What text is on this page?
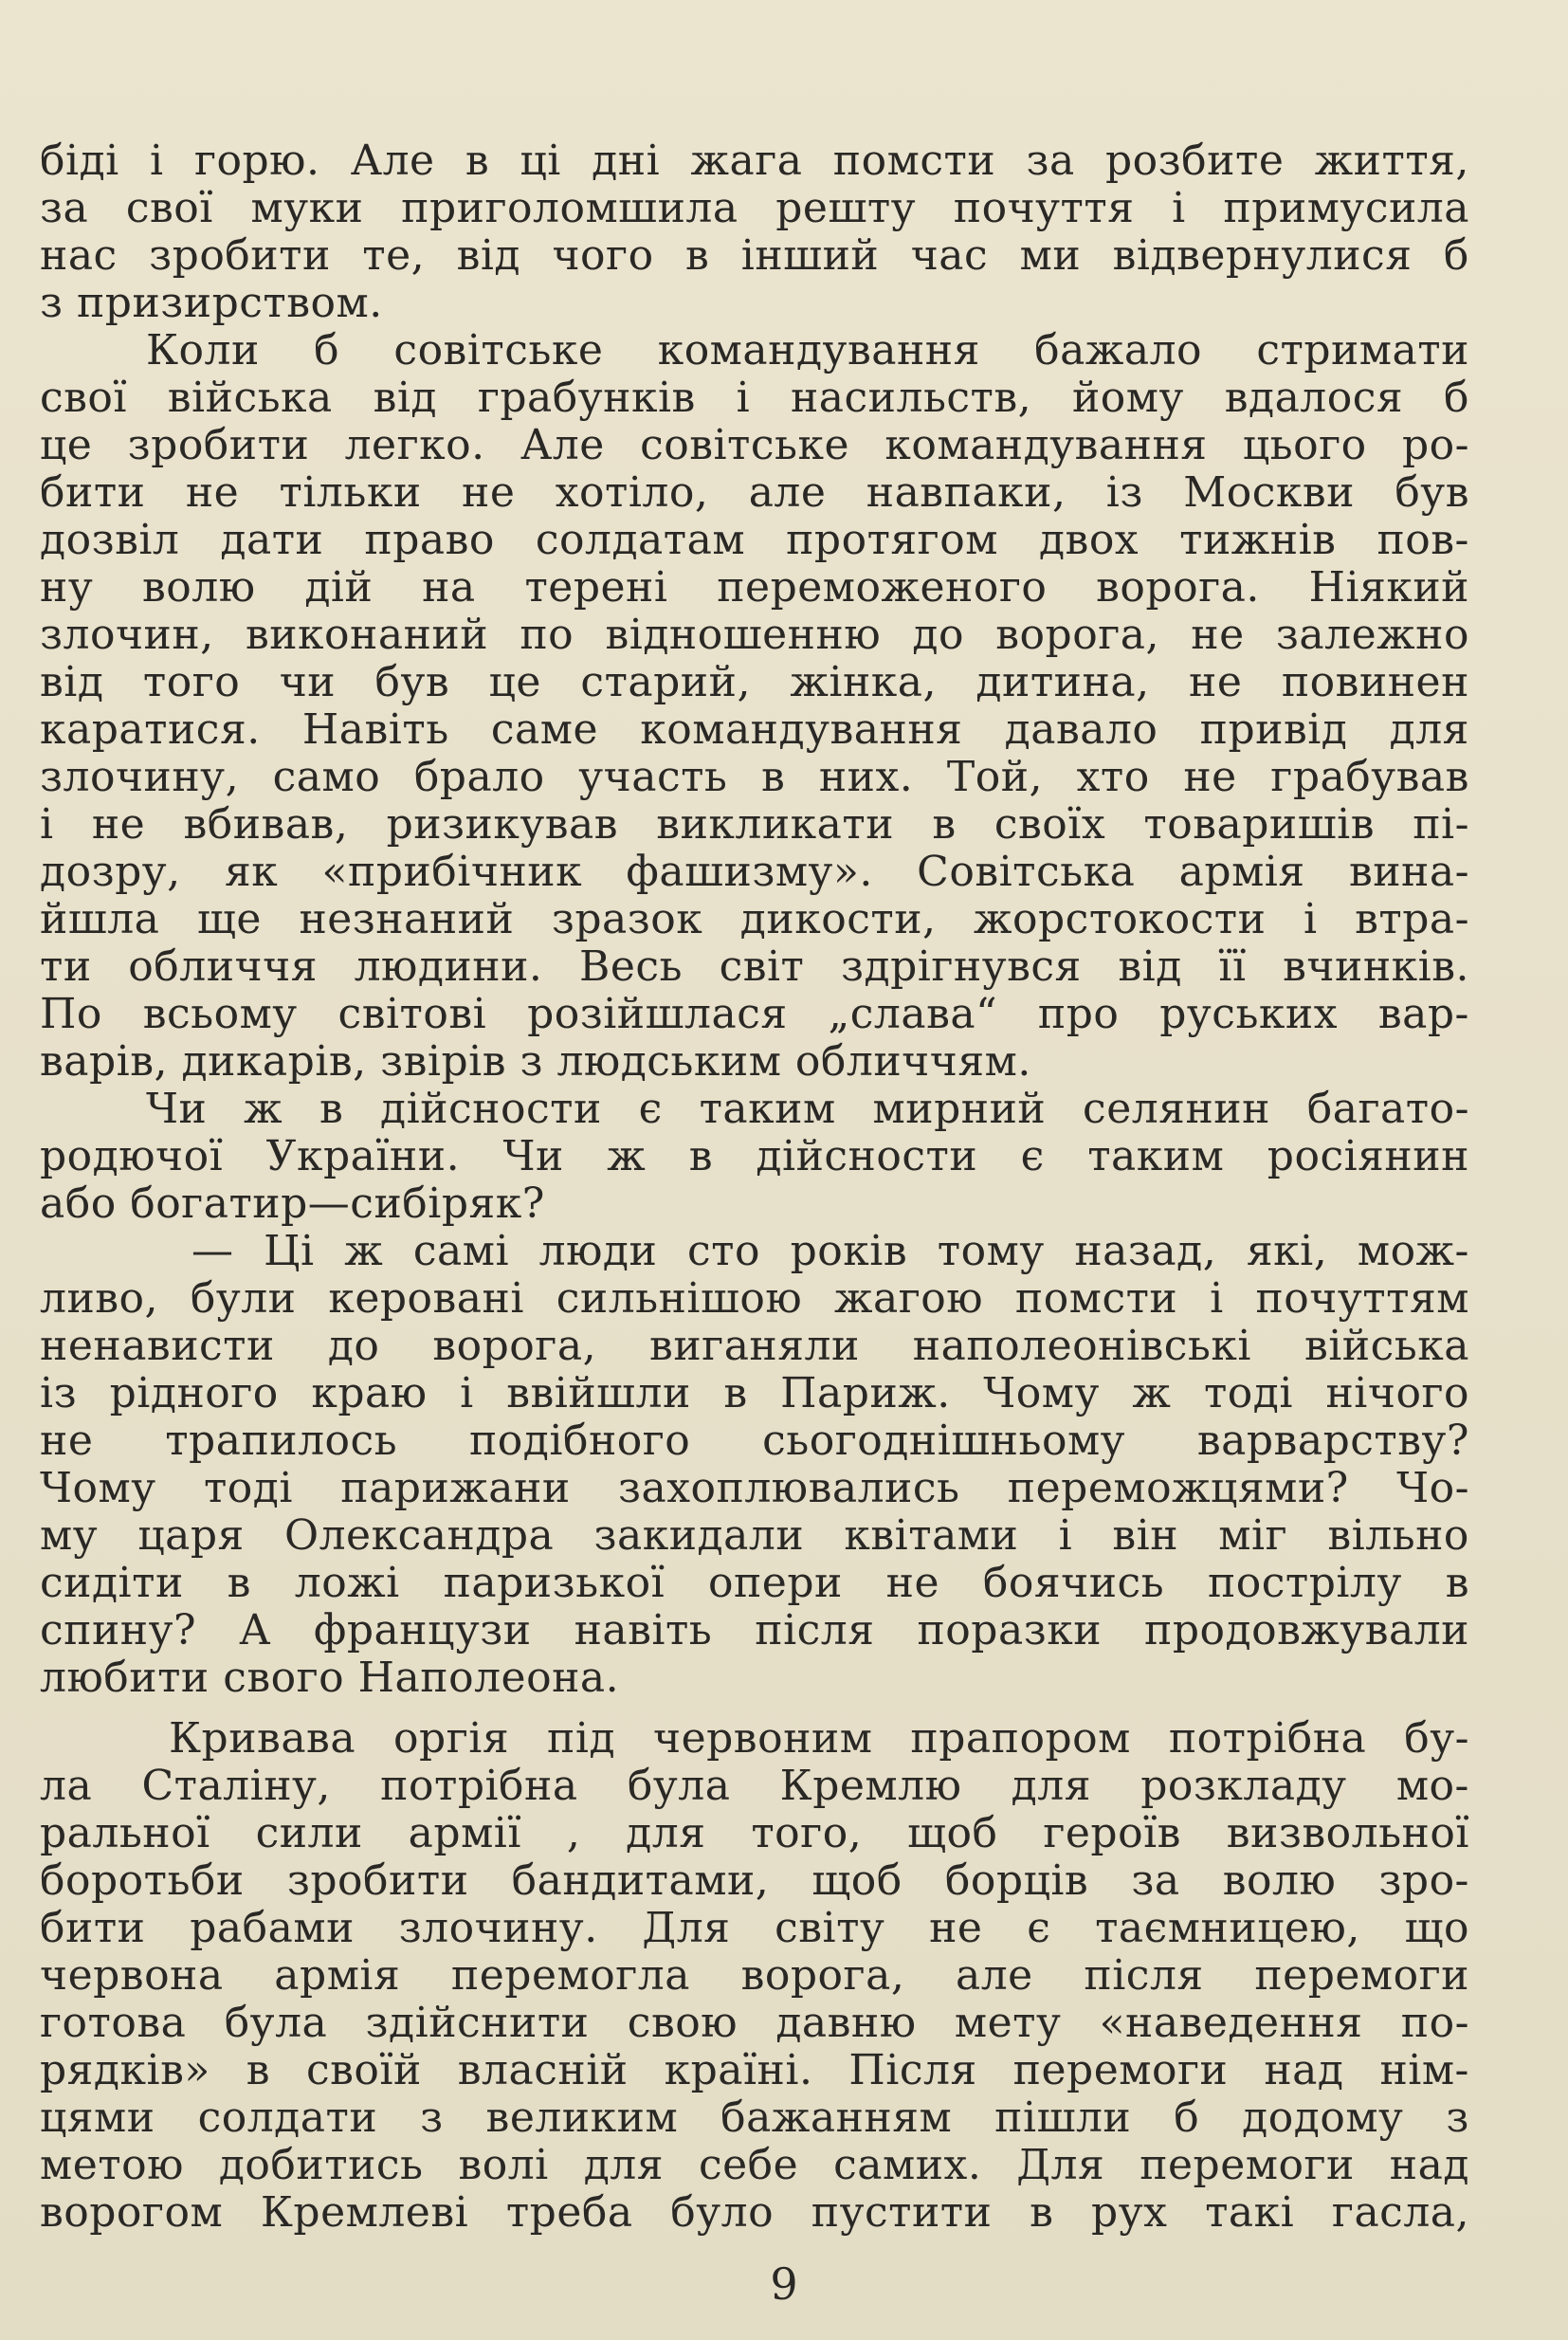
біді і горю. Але в ці дні жага помсти за розбите життя,
за свої муки приголомшила решту почуття і примусила
нас зробити те, від чого в інший час ми відвернулися б
з призирством.
Коли б совітське командування бажало стримати
свої війська від грабунків і насильств, йому вдалося б
це зробити легко. Але совітське командування цього ро-
бити не тільки не хотіло, але навпаки, із Москви був
дозвіл дати право солдатам протягом двох тижнів пов-
ну волю дій на терені переможеного ворога. Ніякий
злочин, виконаний по відношенню до ворога, не залежно
від того чи був це старий, жінка, дитина, не повинен
каратися. Навіть саме командування давало привід для
злочину, само брало участь в них. Той, хто не грабував
і не вбивав, ризикував викликати в своїх товаришів пі-
дозру, як «прибічник фашизму». Совітська армія вина-
йшла ще незнаний зразок дикости, жорстокости і втра-
ти обличчя людини. Весь світ здрігнувся від її вчинків.
По всьому світові розійшлася „слава“ про руських вар-
варів, дикарів, звірів з людським обличчям.
Чи ж в дійсности є таким мирний селянин багато-
родючої України. Чи ж в дійсности є таким росіянин
або богатир—сибіряк?
— Ці ж самі люди сто років тому назад, які, мож-
ливо, були керовані сильнішою жагою помсти і почуттям
ненависти до ворога, виганяли наполеонівські війська
із рідного краю і ввійшли в Париж. Чому ж тоді нічого
не трапилось подібного сьогоднішньому варварству?
Чому тоді парижани захоплювались переможцями? Чо-
му царя Олександра закидали квітами і він міг вільно
сидіти в ложі паризької опери не боячись пострілу в
спину? А французи навіть після поразки продовжували
любити свого Наполеона.
Кривава оргія під червоним прапором потрібна бу-
ла Сталіну, потрібна була Кремлю для розкладу мо-
ральної сили армії , для того, щоб героїв визвольної
боротьби зробити бандитами, щоб борців за волю зро-
бити рабами злочину. Для світу не є таємницею, що
червона армія перемогла ворога, але після перемоги
готова була здійснити свою давню мету «наведення по-
рядків» в своїй власній країні. Після перемоги над нім-
цями солдати з великим бажанням пішли б додому з
метою добитись волі для себе самих. Для перемоги над
ворогом Кремлеві треба було пустити в рух такі гасла,
9
